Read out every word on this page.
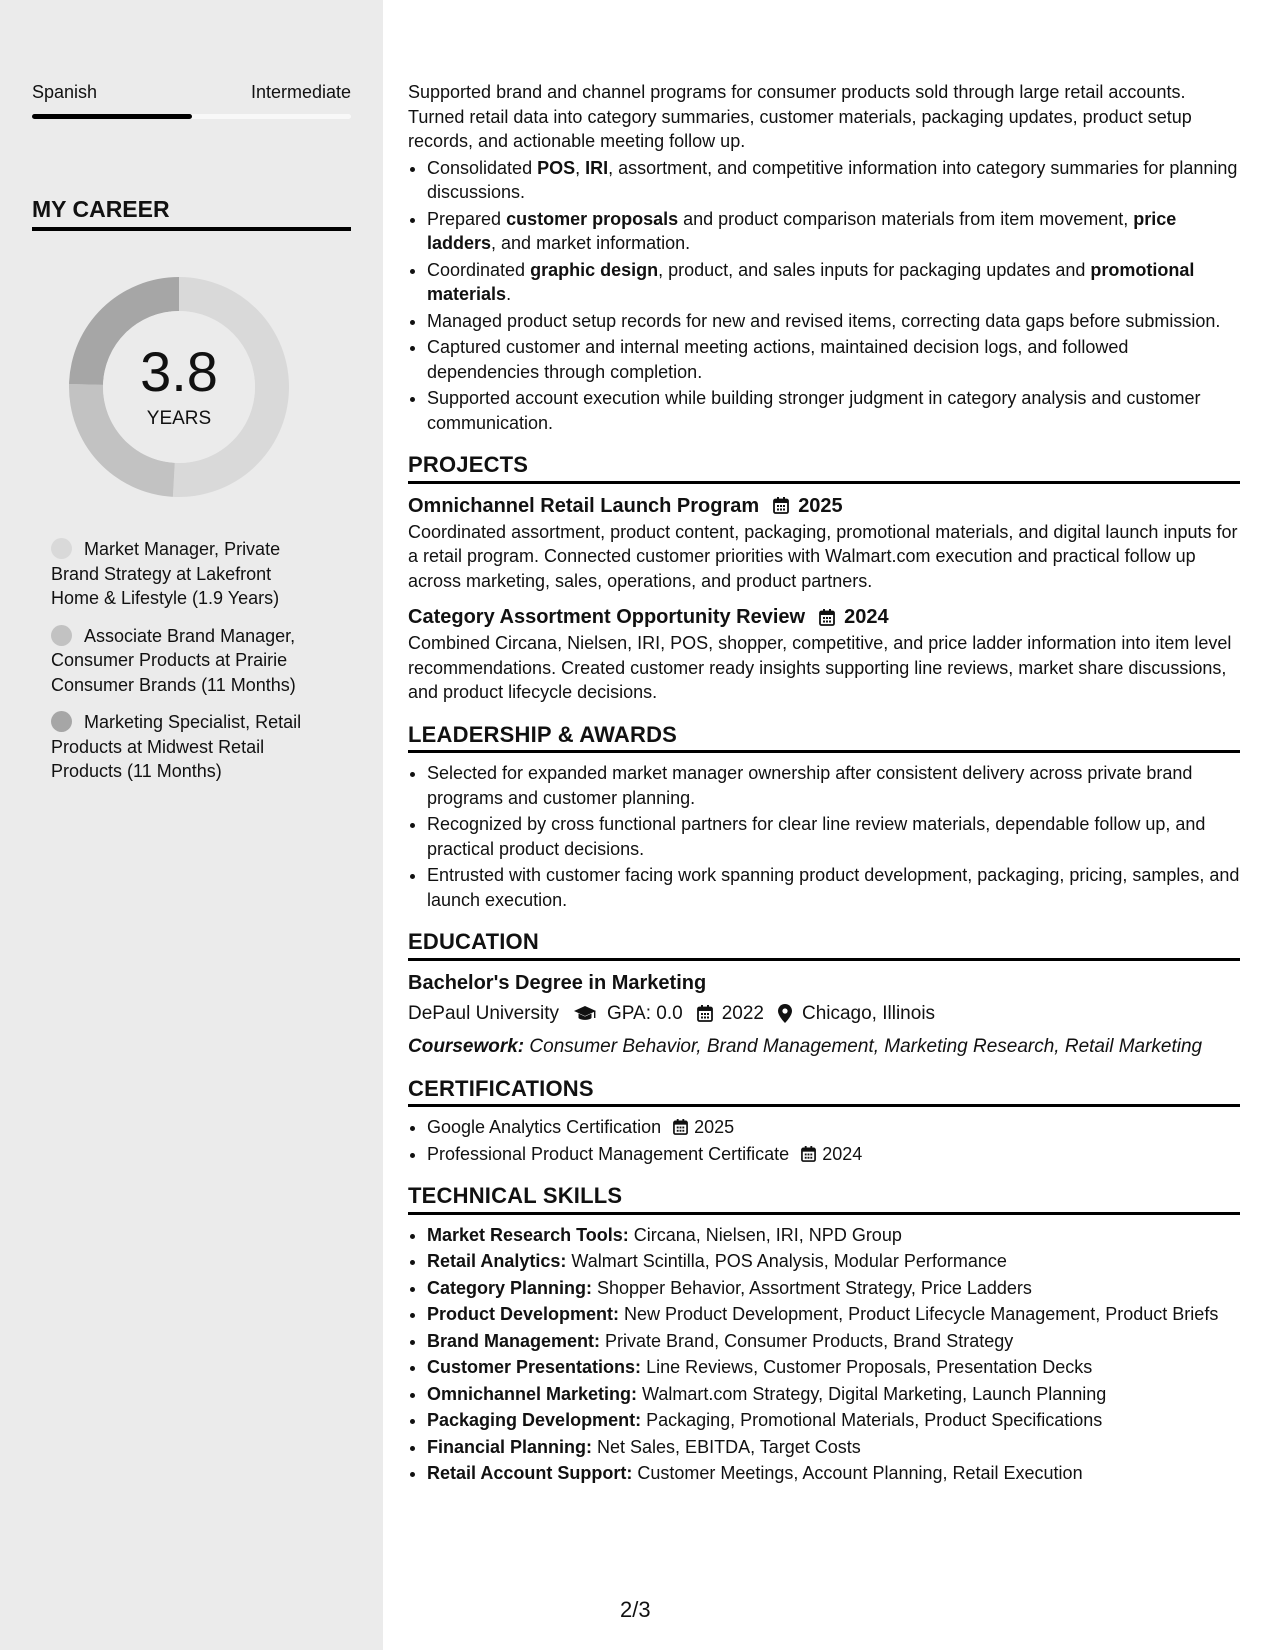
Spanish	Intermediate
MY CAREER
3.8
YEARS
Market Manager, Private Brand Strategy at Lakefront Home & Lifestyle (1.9 Years)
Associate Brand Manager, Consumer Products at Prairie Consumer Brands (11 Months)
Marketing Specialist, Retail Products at Midwest Retail Products (11 Months)

Supported brand and channel programs for consumer products sold through large retail accounts. Turned retail data into category summaries, customer materials, packaging updates, product setup records, and actionable meeting follow up.

• Consolidated POS, IRI, assortment, and competitive information into category summaries for planning discussions.
• Prepared customer proposals and product comparison materials from item movement, price ladders, and market information.
• Coordinated graphic design, product, and sales inputs for packaging updates and promotional materials.
• Managed product setup records for new and revised items, correcting data gaps before submission.
• Captured customer and internal meeting actions, maintained decision logs, and followed dependencies through completion.
• Supported account execution while building stronger judgment in category analysis and customer communication.
PROJECTS
Omnichannel Retail Launch Program 2025

Coordinated assortment, product content, packaging, promotional materials, and digital launch inputs for a retail program. Connected customer priorities with Walmart.com execution and practical follow up across marketing, sales, operations, and product partners.

Category Assortment Opportunity Review 2024

Combined Circana, Nielsen, IRI, POS, shopper, competitive, and price ladder information into item level recommendations. Created customer ready insights supporting line reviews, market share discussions, and product lifecycle decisions.

LEADERSHIP & AWARDS
• Selected for expanded market manager ownership after consistent delivery across private brand programs and customer planning.
• Recognized by cross functional partners for clear line review materials, dependable follow up, and practical product decisions.
• Entrusted with customer facing work spanning product development, packaging, pricing, samples, and launch execution.
EDUCATION
Bachelor's Degree in Marketing
DePaul University	GPA: 0.0 2022 Chicago, Illinois
Coursework: Consumer Behavior, Brand Management, Marketing Research, Retail Marketing
CERTIFICATIONS
• Google Analytics Certification 2025
• Professional Product Management Certificate 2024
TECHNICAL SKILLS
• Market Research Tools: Circana, Nielsen, IRI, NPD Group
• Retail Analytics: Walmart Scintilla, POS Analysis, Modular Performance
• Category Planning: Shopper Behavior, Assortment Strategy, Price Ladders
• Product Development: New Product Development, Product Lifecycle Management, Product Briefs
• Brand Management: Private Brand, Consumer Products, Brand Strategy
• Customer Presentations: Line Reviews, Customer Proposals, Presentation Decks
• Omnichannel Marketing: Walmart.com Strategy, Digital Marketing, Launch Planning
• Packaging Development: Packaging, Promotional Materials, Product Specifications
• Financial Planning: Net Sales, EBITDA, Target Costs
• Retail Account Support: Customer Meetings, Account Planning, Retail Execution
2/3
